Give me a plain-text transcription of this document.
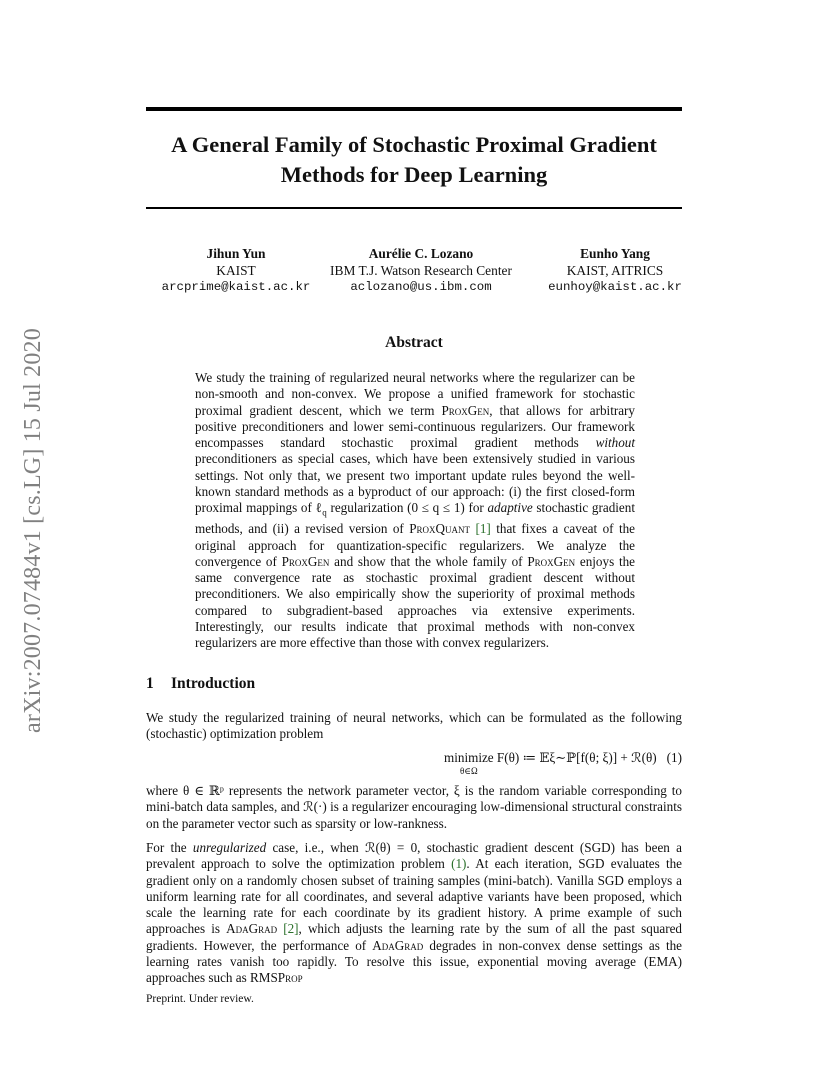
arXiv:2007.07484v1 [cs.LG] 15 Jul 2020
A General Family of Stochastic Proximal Gradient Methods for Deep Learning
Jihun Yun
KAIST
arcprime@kaist.ac.kr
Aurélie C. Lozano
IBM T.J. Watson Research Center
aclozano@us.ibm.com
Eunho Yang
KAIST, AITRICS
eunhoy@kaist.ac.kr
Abstract
We study the training of regularized neural networks where the regularizer can be non-smooth and non-convex. We propose a unified framework for stochastic proximal gradient descent, which we term ProxGen, that allows for arbitrary positive preconditioners and lower semi-continuous regularizers. Our framework encompasses standard stochastic proximal gradient methods without preconditioners as special cases, which have been extensively studied in various settings. Not only that, we present two important update rules beyond the well-known standard methods as a byproduct of our approach: (i) the first closed-form proximal mappings of ℓ$_q$ regularization (0 ≤ q ≤ 1) for adaptive stochastic gradient methods, and (ii) a revised version of ProxQuant [1] that fixes a caveat of the original approach for quantization-specific regularizers. We analyze the convergence of ProxGen and show that the whole family of ProxGen enjoys the same convergence rate as stochastic proximal gradient descent without preconditioners. We also empirically show the superiority of proximal methods compared to subgradient-based approaches via extensive experiments. Interestingly, our results indicate that proximal methods with non-convex regularizers are more effective than those with convex regularizers.
1 Introduction
We study the regularized training of neural networks, which can be formulated as the following (stochastic) optimization problem
minimize F(θ) ≔ 𝔼ξ∼ℙ[f(θ; ξ)] + ℛ(θ)
θ∈Ω
(1)
where θ ∈ ℝᵖ represents the network parameter vector, ξ is the random variable corresponding to mini-batch data samples, and ℛ(·) is a regularizer encouraging low-dimensional structural constraints on the parameter vector such as sparsity or low-rankness.
For the unregularized case, i.e., when ℛ(θ) = 0, stochastic gradient descent (SGD) has been a prevalent approach to solve the optimization problem (1). At each iteration, SGD evaluates the gradient only on a randomly chosen subset of training samples (mini-batch). Vanilla SGD employs a uniform learning rate for all coordinates, and several adaptive variants have been proposed, which scale the learning rate for each coordinate by its gradient history. A prime example of such approaches is AdaGrad [2], which adjusts the learning rate by the sum of all the past squared gradients. However, the performance of AdaGrad degrades in non-convex dense settings as the learning rates vanish too rapidly. To resolve this issue, exponential moving average (EMA) approaches such as RMSProp
Preprint. Under review.
